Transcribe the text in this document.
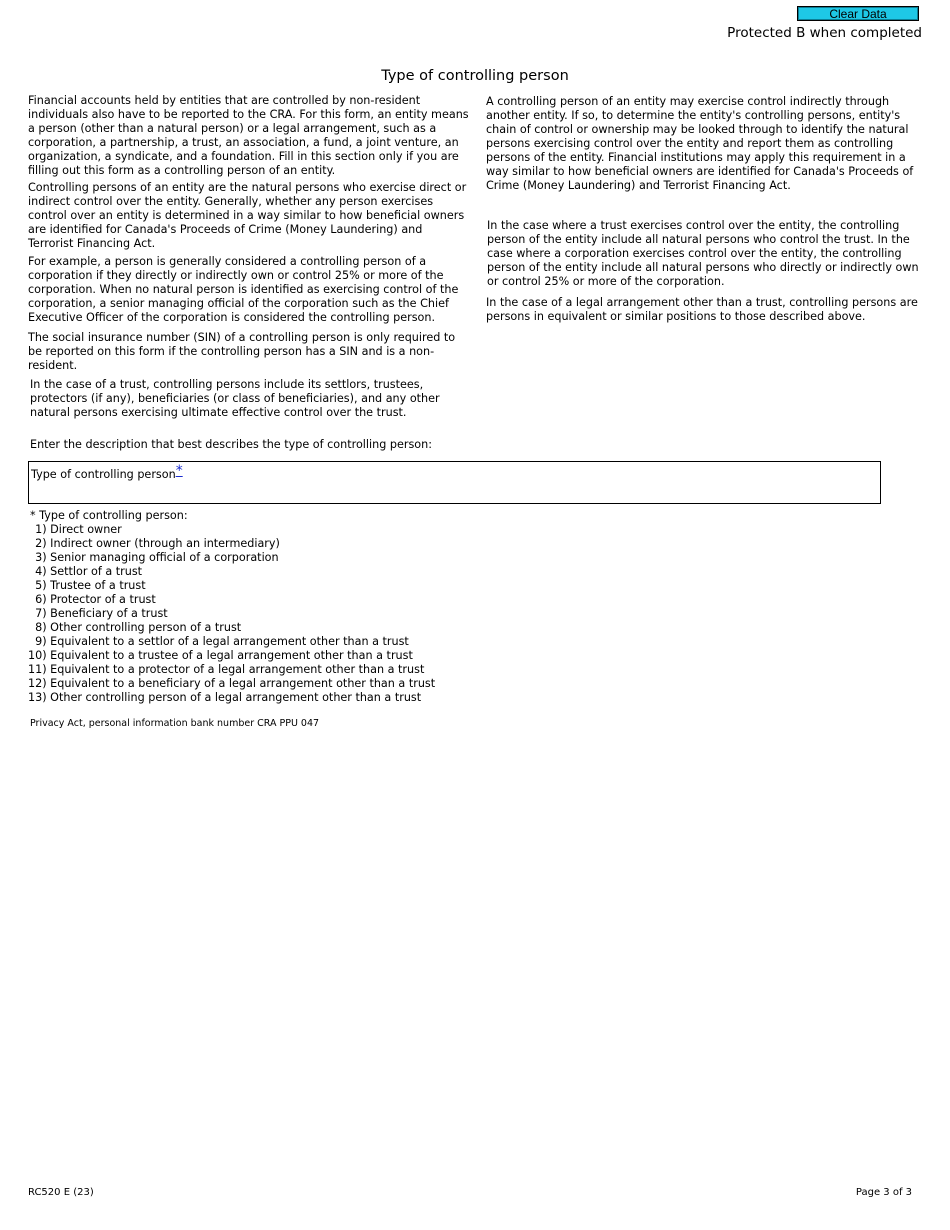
Clear Data
Protected B when completed
Type of controlling person

Financial accounts held by entities that are controlled by non-resident individuals also have to be reported to the CRA. For this form, an entity means a person (other than a natural person) or a legal arrangement, such as a corporation, a partnership, a trust, an association, a fund, a joint venture, an organization, a syndicate, and a foundation. Fill in this section only if you are filling out this form as a controlling person of an entity.

Controlling persons of an entity are the natural persons who exercise direct or indirect control over the entity. Generally, whether any person exercises control over an entity is determined in a way similar to how beneficial owners are identified for Canada's Proceeds of Crime (Money Laundering) and Terrorist Financing Act.

For example, a person is generally considered a controlling person of a corporation if they directly or indirectly own or control 25% or more of the corporation. When no natural person is identified as exercising control of the corporation, a senior managing official of the corporation such as the Chief Executive Officer of the corporation is considered the controlling person.

The social insurance number (SIN) of a controlling person is only required to be reported on this form if the controlling person has a SIN and is a non-resident.

In the case of a trust, controlling persons include its settlors, trustees, protectors (if any), beneficiaries (or class of beneficiaries), and any other natural persons exercising ultimate effective control over the trust.

A controlling person of an entity may exercise control indirectly through another entity. If so, to determine the entity's controlling persons, entity's chain of control or ownership may be looked through to identify the natural persons exercising control over the entity and report them as controlling persons of the entity. Financial institutions may apply this requirement in a way similar to how beneficial owners are identified for Canada's Proceeds of Crime (Money Laundering) and Terrorist Financing Act.

In the case where a trust exercises control over the entity, the controlling person of the entity include all natural persons who control the trust. In the case where a corporation exercises control over the entity, the controlling person of the entity include all natural persons who directly or indirectly own or control 25% or more of the corporation.

In the case of a legal arrangement other than a trust, controlling persons are persons in equivalent or similar positions to those described above.

Enter the description that best describes the type of controlling person:
Type of controlling person*
* Type of controlling person:
1) Direct owner
2) Indirect owner (through an intermediary)
3) Senior managing official of a corporation
4) Settlor of a trust
5) Trustee of a trust
6) Protector of a trust
7) Beneficiary of a trust
8) Other controlling person of a trust
9) Equivalent to a settlor of a legal arrangement other than a trust
10) Equivalent to a trustee of a legal arrangement other than a trust
11) Equivalent to a protector of a legal arrangement other than a trust
12) Equivalent to a beneficiary of a legal arrangement other than a trust
13) Other controlling person of a legal arrangement other than a trust
Privacy Act, personal information bank number CRA PPU 047
RC520 E (23)	Page 3 of 3
